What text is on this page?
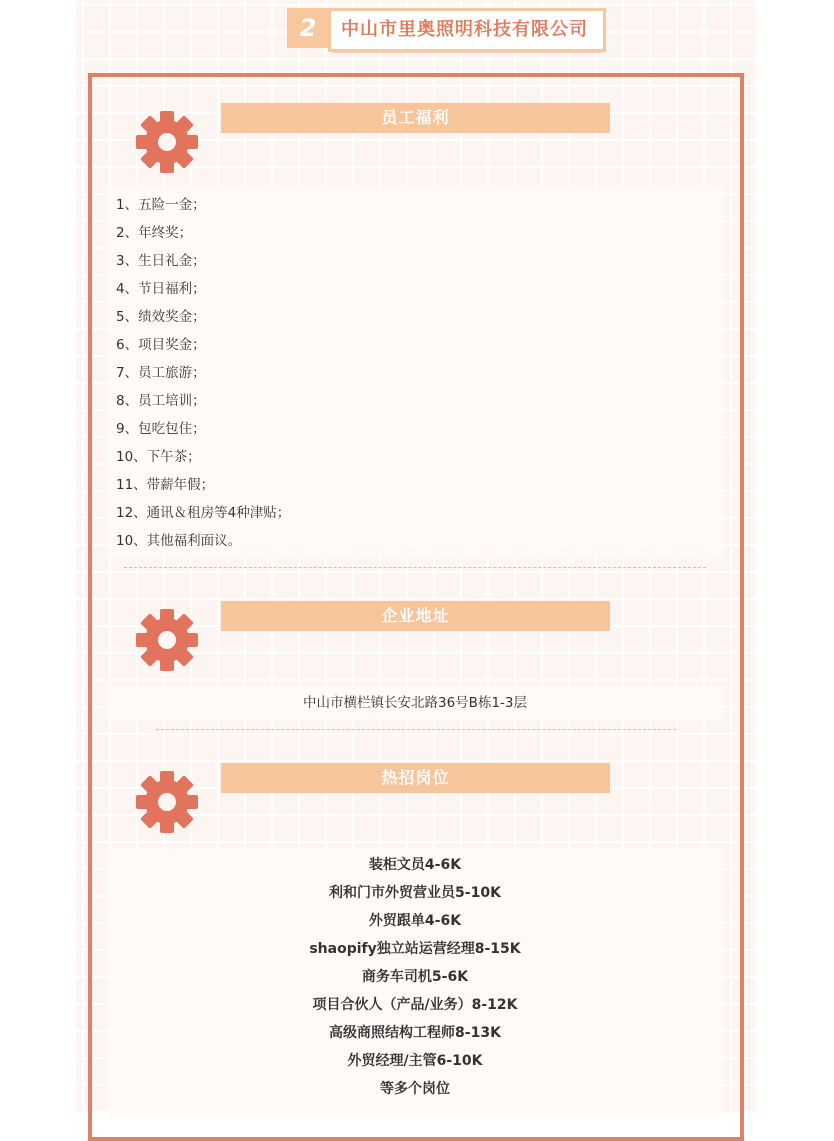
2	中山市里奥照明科技有限公司
员工福利
1、五险一金；
2、年终奖；
3、生日礼金；
4、节日福利；
5、绩效奖金；
6、项目奖金；
7、员工旅游；
8、员工培训；
9、包吃包住；
10、下午茶；
11、带薪年假；
12、通讯＆租房等4种津贴；
10、其他福利面议。
企业地址
中山市横栏镇长安北路36号B栋1-3层
热招岗位
装柜文员4-6K
利和门市外贸营业员5-10K
外贸跟单4-6K
shaopify独立站运营经理8-15K
商务车司机5-6K
项目合伙人（产品/业务）8-12K
高级商照结构工程师8-13K
外贸经理/主管6-10K
等多个岗位
